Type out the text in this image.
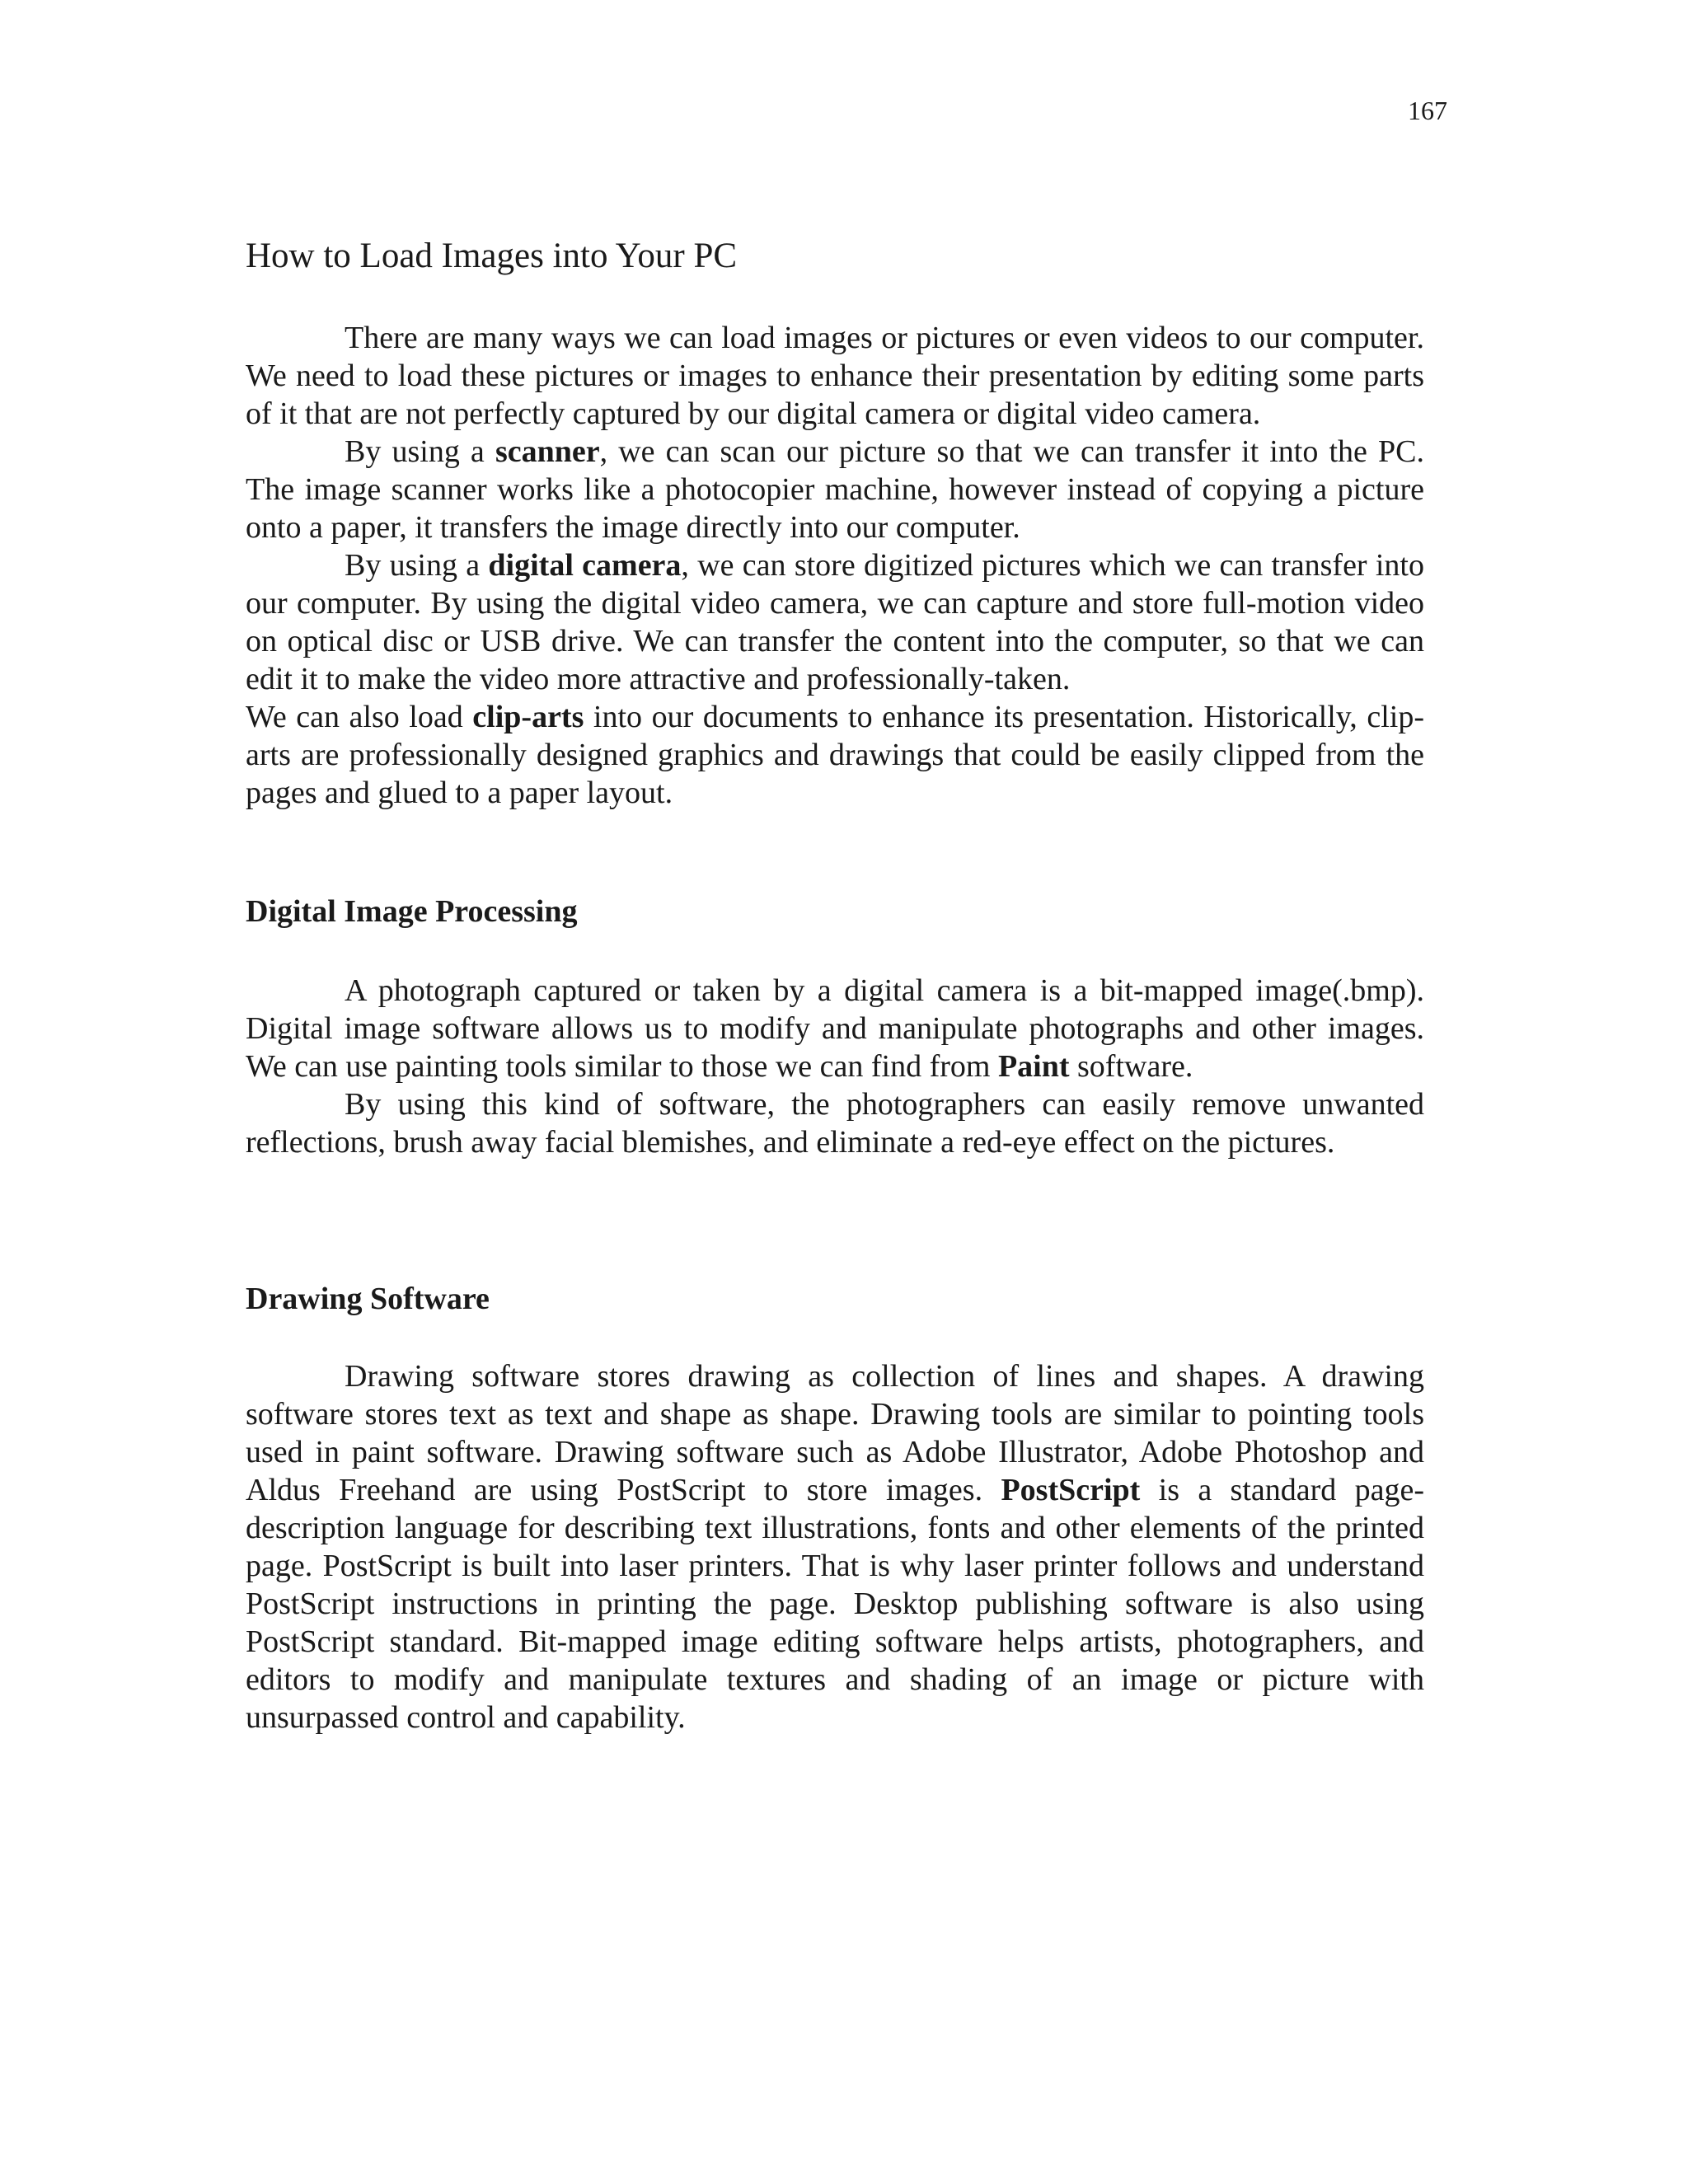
167
How to Load Images into Your PC

There are many ways we can load images or pictures or even videos to our computer. We need to load these pictures or images to enhance their presentation by editing some parts of it that are not perfectly captured by our digital camera or digital video camera.

By using a scanner, we can scan our picture so that we can transfer it into the PC. The image scanner works like a photocopier machine, however instead of copying a picture onto a paper, it transfers the image directly into our computer.

By using a digital camera, we can store digitized pictures which we can transfer into our computer. By using the digital video camera, we can capture and store full-motion video on optical disc or USB drive. We can transfer the content into the computer, so that we can edit it to make the video more attractive and professionally-taken.

We can also load clip-arts into our documents to enhance its presentation. Historically, clip-arts are professionally designed graphics and drawings that could be easily clipped from the pages and glued to a paper layout.

Digital Image Processing

A photograph captured or taken by a digital camera is a bit-mapped image(.bmp). Digital image software allows us to modify and manipulate photographs and other images. We can use painting tools similar to those we can find from Paint software.

By using this kind of software, the photographers can easily remove unwanted reflections, brush away facial blemishes, and eliminate a red-eye effect on the pictures.

Drawing Software

Drawing software stores drawing as collection of lines and shapes. A drawing software stores text as text and shape as shape. Drawing tools are similar to pointing tools used in paint software. Drawing software such as Adobe Illustrator, Adobe Photoshop and Aldus Freehand are using PostScript to store images. PostScript is a standard page-description language for describing text illustrations, fonts and other elements of the printed page. PostScript is built into laser printers. That is why laser printer follows and understand PostScript instructions in printing the page. Desktop publishing software is also using PostScript standard. Bit-mapped image editing software helps artists, photographers, and editors to modify and manipulate textures and shading of an image or picture with unsurpassed control and capability.
